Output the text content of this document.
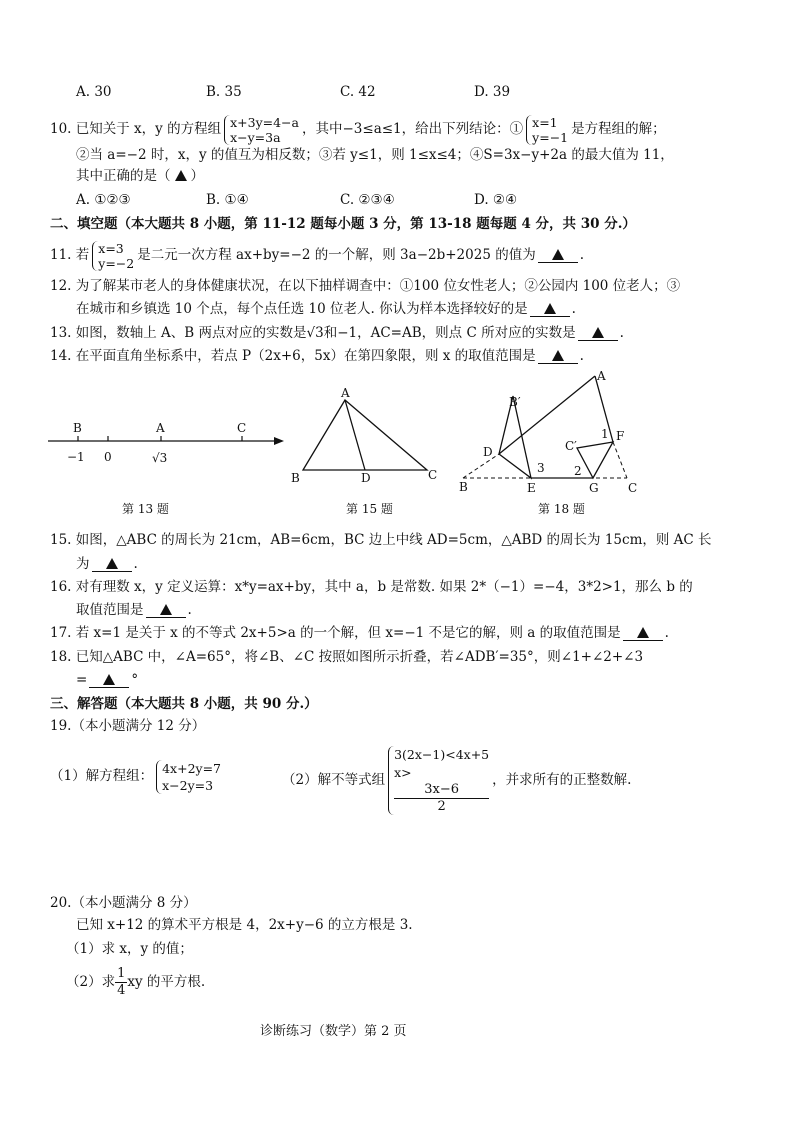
A. 30	B. 35	C. 42	D. 39
10. 已知关于 x，y 的方程组 x+3y=4−a
x−y=3a	，其中−3≤a≤1，给出下列结论：① x=1
y=−1 是方程组的解；
②当 a=−2 时，x，y 的值互为相反数；③若 y≤1，则 1≤x≤4；④S=3x−y+2a 的最大值为 11，
其中正确的是（ ）
A. ①②③	B. ①④	C. ②③④	D. ②④
二、填空题（本大题共 8 小题，第 11-12 题每小题 3 分，第 13-18 题每题 4 分，共 30 分.）
11. 若 x=3
y=−2 是二元一次方程 ax+by=−2 的一个解，则 3a−2b+2025 的值为	.
12. 为了解某市老人的身体健康状况，在以下抽样调查中：①100 位女性老人；②公园内 100 位老人；③
在城市和乡镇选 10 个点，每个点任选 10 位老人. 你认为样本选择较好的是	.
13. 如图，数轴上 A、B 两点对应的实数是√3和−1，AC=AB，则点 C 所对应的实数是	.
14. 在平面直角坐标系中，若点 P（2x+6，5x）在第四象限，则 x 的取值范围是	.
B	A	C
−1 0	√3
第 13 题
A
B	C
D
第 15 题
A
B	C
D
E
F
G
B′
C′
1
2
3
第 18 题
15. 如图，△ABC 的周长为 21cm，AB=6cm，BC 边上中线 AD=5cm，△ABD 的周长为 15cm，则 AC 长
为	.
16. 对有理数 x，y 定义运算：x*y=ax+by，其中 a，b 是常数. 如果 2*（−1）=−4，3*2>1，那么 b 的
取值范围是	.
17. 若 x=1 是关于 x 的不等式 2x+5>a 的一个解，但 x=−1 不是它的解，则 a 的取值范围是	.
18. 已知△ABC 中，∠A=65°，将∠B、∠C 按照如图所示折叠，若∠ADB′=35°，则∠1+∠2+∠3
=	°
三、解答题（本大题共 8 小题，共 90 分.）
19.（本小题满分 12 分）
（1）解方程组： 4x+2y=7
x−2y=3	（2）解不等式组
3(2x−1)<4x+5
x>
3x−6
2
，并求所有的正整数解.
20.（本小题满分 8 分）
已知 x+12 的算术平方根是 4，2x+y−6 的立方根是 3.
（1）求 x，y 的值；
（2）求 $\frac{1}{4}$ xy 的平方根.
诊断练习（数学）第 2 页
